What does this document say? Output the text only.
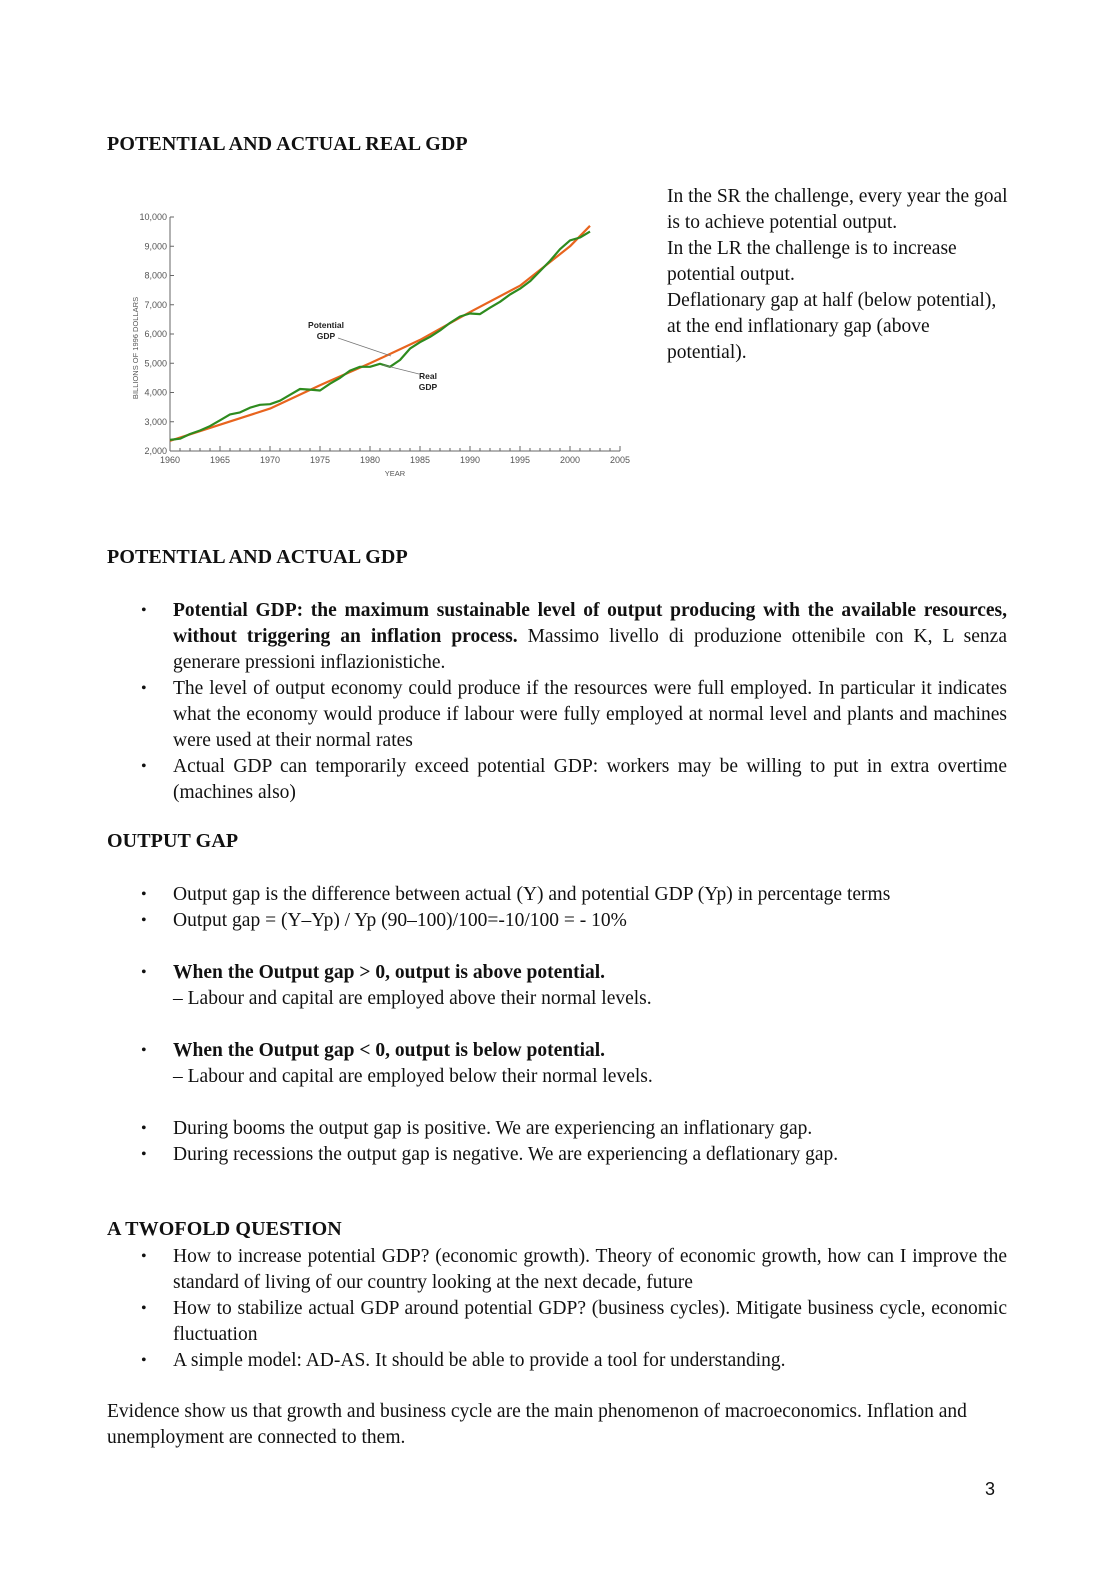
POTENTIAL AND ACTUAL REAL GDP
2,000
3,000
4,000
5,000
6,000
7,000
8,000
9,000
10,000
1960	1965	1970	1975	1980	1985	1990	1995	2000	2005
YEAR
BILLIONS OF 1996 DOLLARS	Potential
GDP
Real
GDP

In the SR the challenge, every year the goal is to achieve potential output.

In the LR the challenge is to increase potential output.

Deflationary gap at half (below potential), at the end inflationary gap (above potential).

POTENTIAL AND ACTUAL GDP
• Potential GDP: the maximum sustainable level of output producing with the available resources, without triggering an inflation process. Massimo livello di produzione ottenibile con K, L senza generare pressioni inflazionistiche.
• The level of output economy could produce if the resources were full employed. In particular it indicates what the economy would produce if labour were fully employed at normal level and plants and machines were used at their normal rates
• Actual GDP can temporarily exceed potential GDP: workers may be willing to put in extra overtime (machines also)
OUTPUT GAP
• Output gap is the difference between actual (Y) and potential GDP (Yp) in percentage terms
• Output gap = (Y–Yp) / Yp (90–100)/100=-10/100 = - 10%
• When the Output gap > 0, output is above potential.
– Labour and capital are employed above their normal levels.
• When the Output gap < 0, output is below potential.
– Labour and capital are employed below their normal levels.
• During booms the output gap is positive. We are experiencing an inflationary gap.
• During recessions the output gap is negative. We are experiencing a deflationary gap.
A TWOFOLD QUESTION
• How to increase potential GDP? (economic growth). Theory of economic growth, how can I improve the standard of living of our country looking at the next decade, future
• How to stabilize actual GDP around potential GDP? (business cycles). Mitigate business cycle, economic fluctuation
• A simple model: AD-AS. It should be able to provide a tool for understanding.

Evidence show us that growth and business cycle are the main phenomenon of macroeconomics. Inflation and unemployment are connected to them.

3
